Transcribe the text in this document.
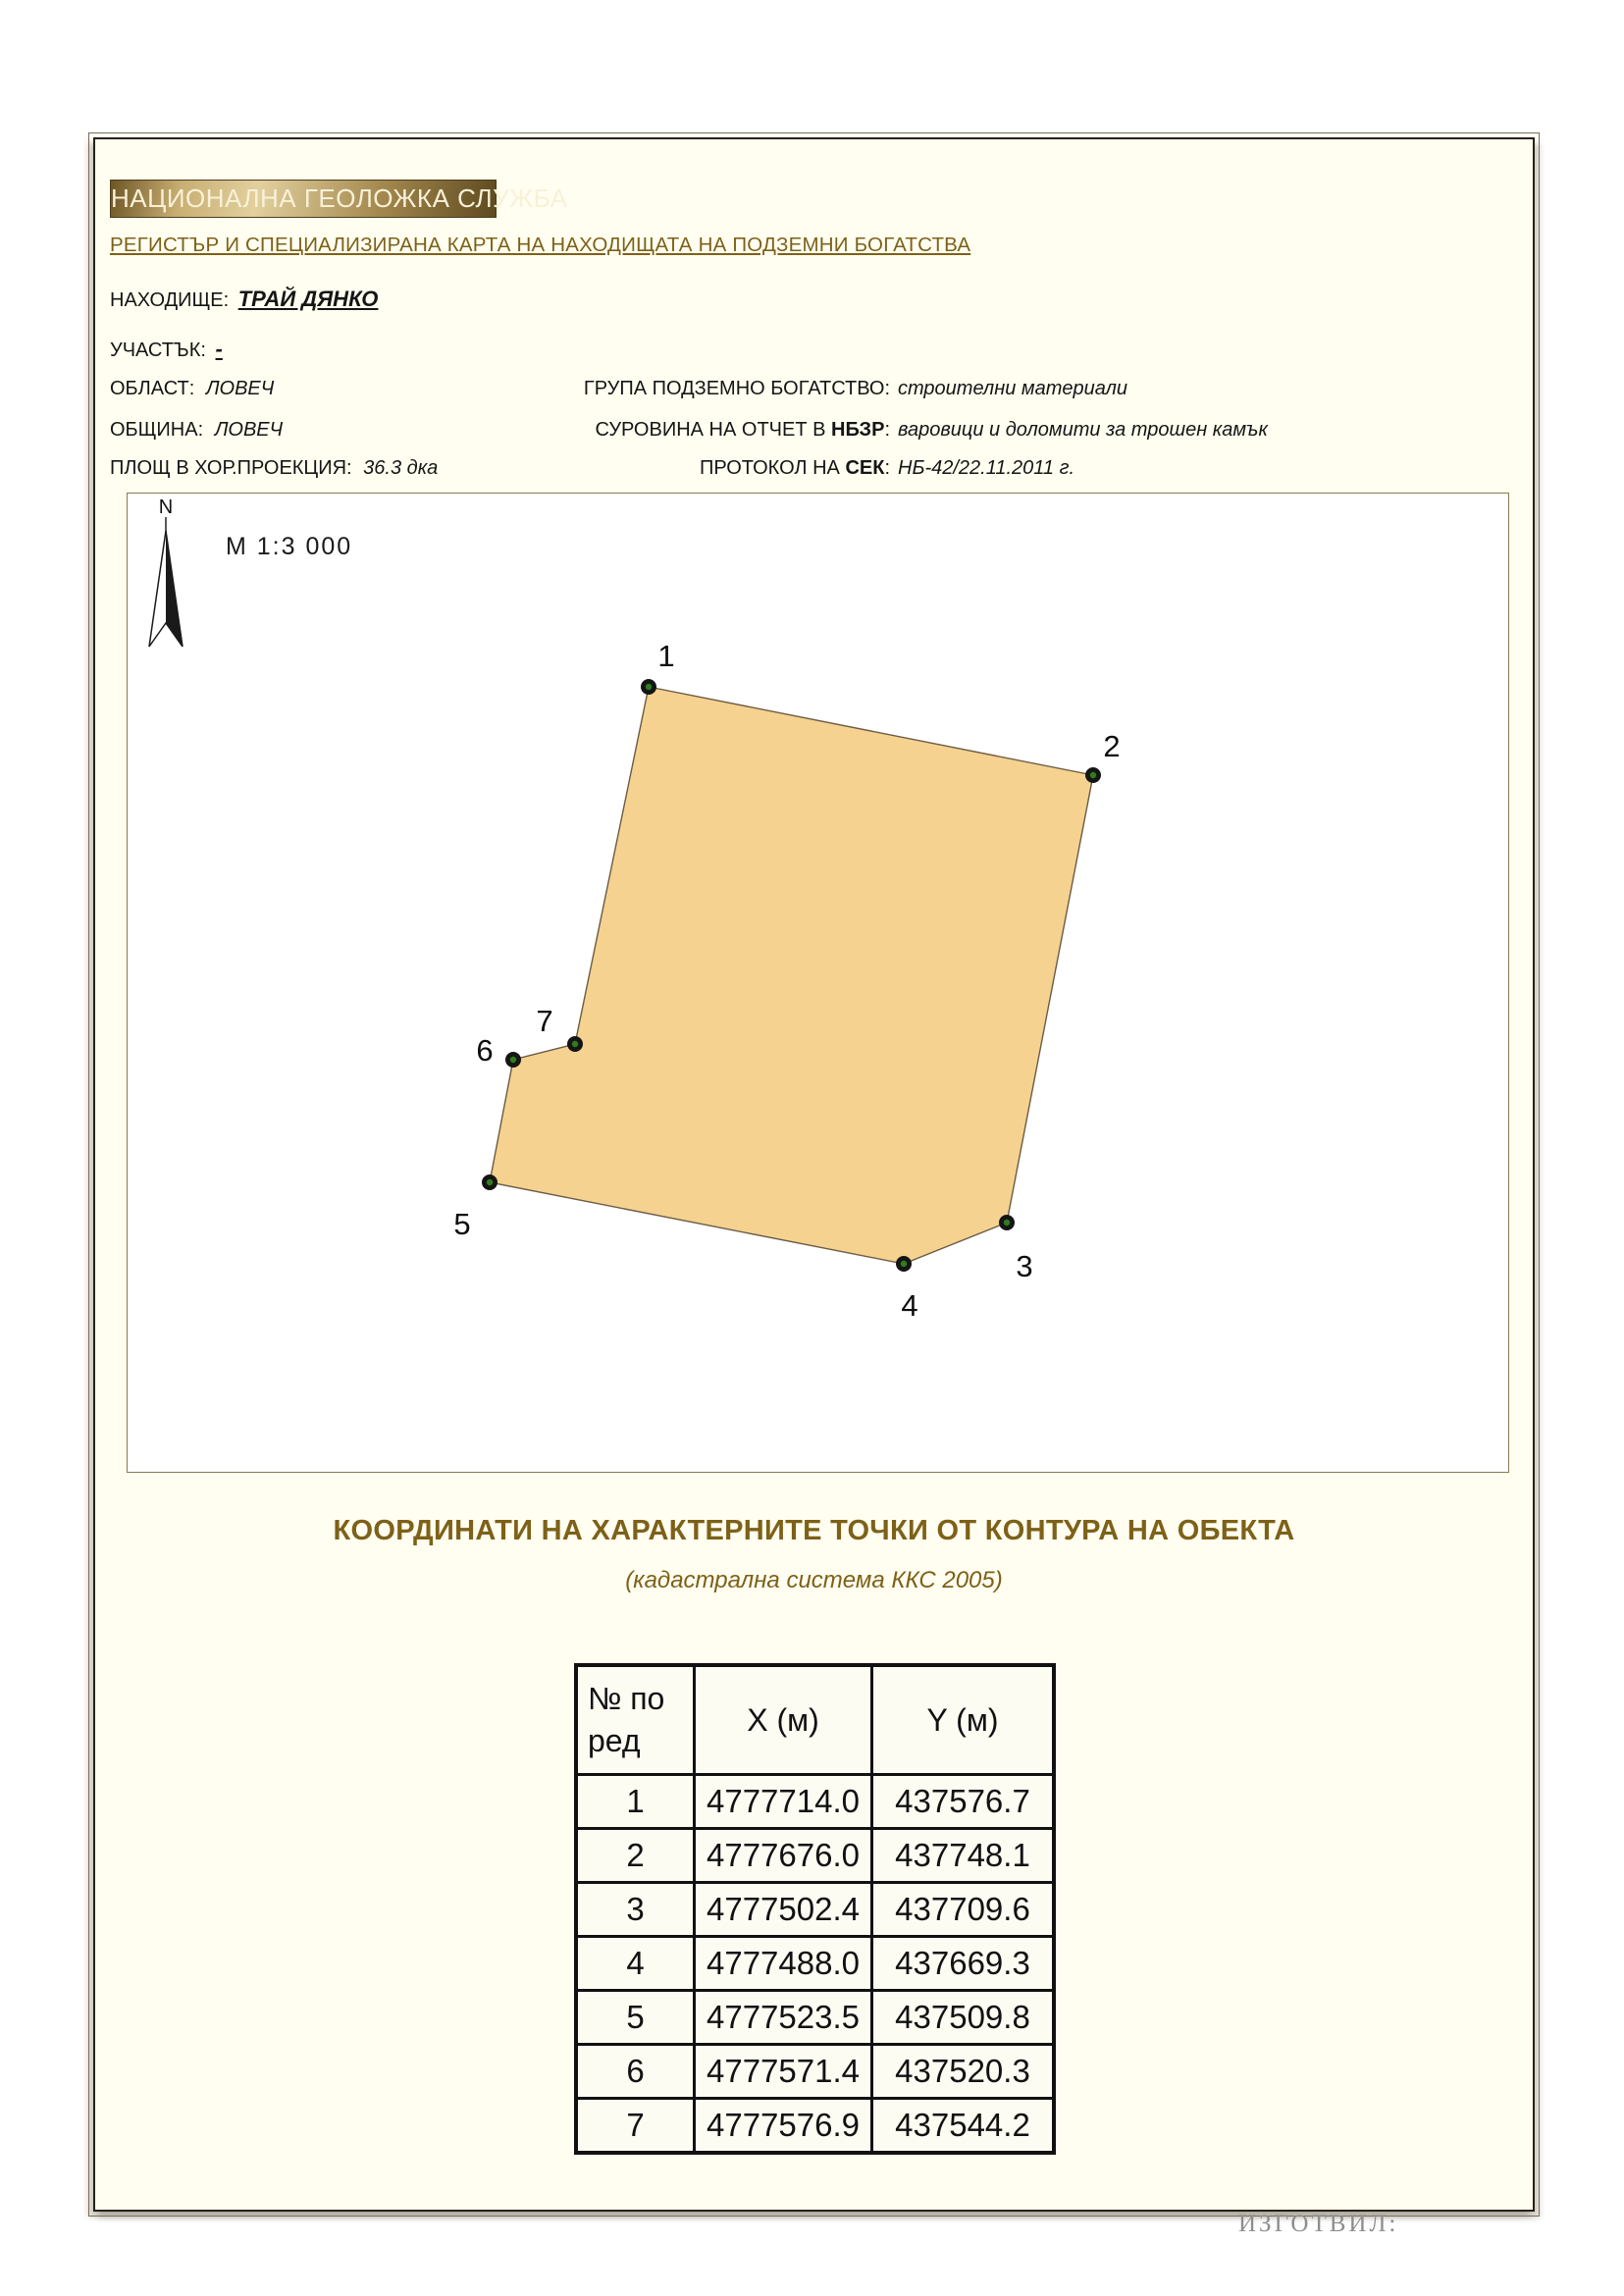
НАЦИОНАЛНА ГЕОЛОЖКА СЛУЖБА
РЕГИСТЪР И СПЕЦИАЛИЗИРАНА КАРТА НА НАХОДИЩАТА НА ПОДЗЕМНИ БОГАТСТВА
НАХОДИЩЕ: ТРАЙ ДЯНКО
УЧАСТЪК: -
ОБЛАСТ: ЛОВЕЧ
ОБЩИНА: ЛОВЕЧ
ПЛОЩ В ХОР.ПРОЕКЦИЯ: 36.3 дка
ГРУПА ПОДЗЕМНО БОГАТСТВО: строителни материали
СУРОВИНА НА ОТЧЕТ В НБЗР: варовици и доломити за трошен камък
ПРОТОКОЛ НА СЕК: НБ-42/22.11.2011 г.
1
2
3
4
5
6
7
N
М 1:3 000
КООРДИНАТИ НА ХАРАКТЕРНИТЕ ТОЧКИ ОТ КОНТУРА НА ОБЕКТА
(кадастрална система ККС 2005)
№ по ред	X (м)	Y (м)
1	4777714.0	437576.7
2	4777676.0	437748.1
3	4777502.4	437709.6
4	4777488.0	437669.3
5	4777523.5	437509.8
6	4777571.4	437520.3
7	4777576.9	437544.2
ИЗГОТВИЛ:
